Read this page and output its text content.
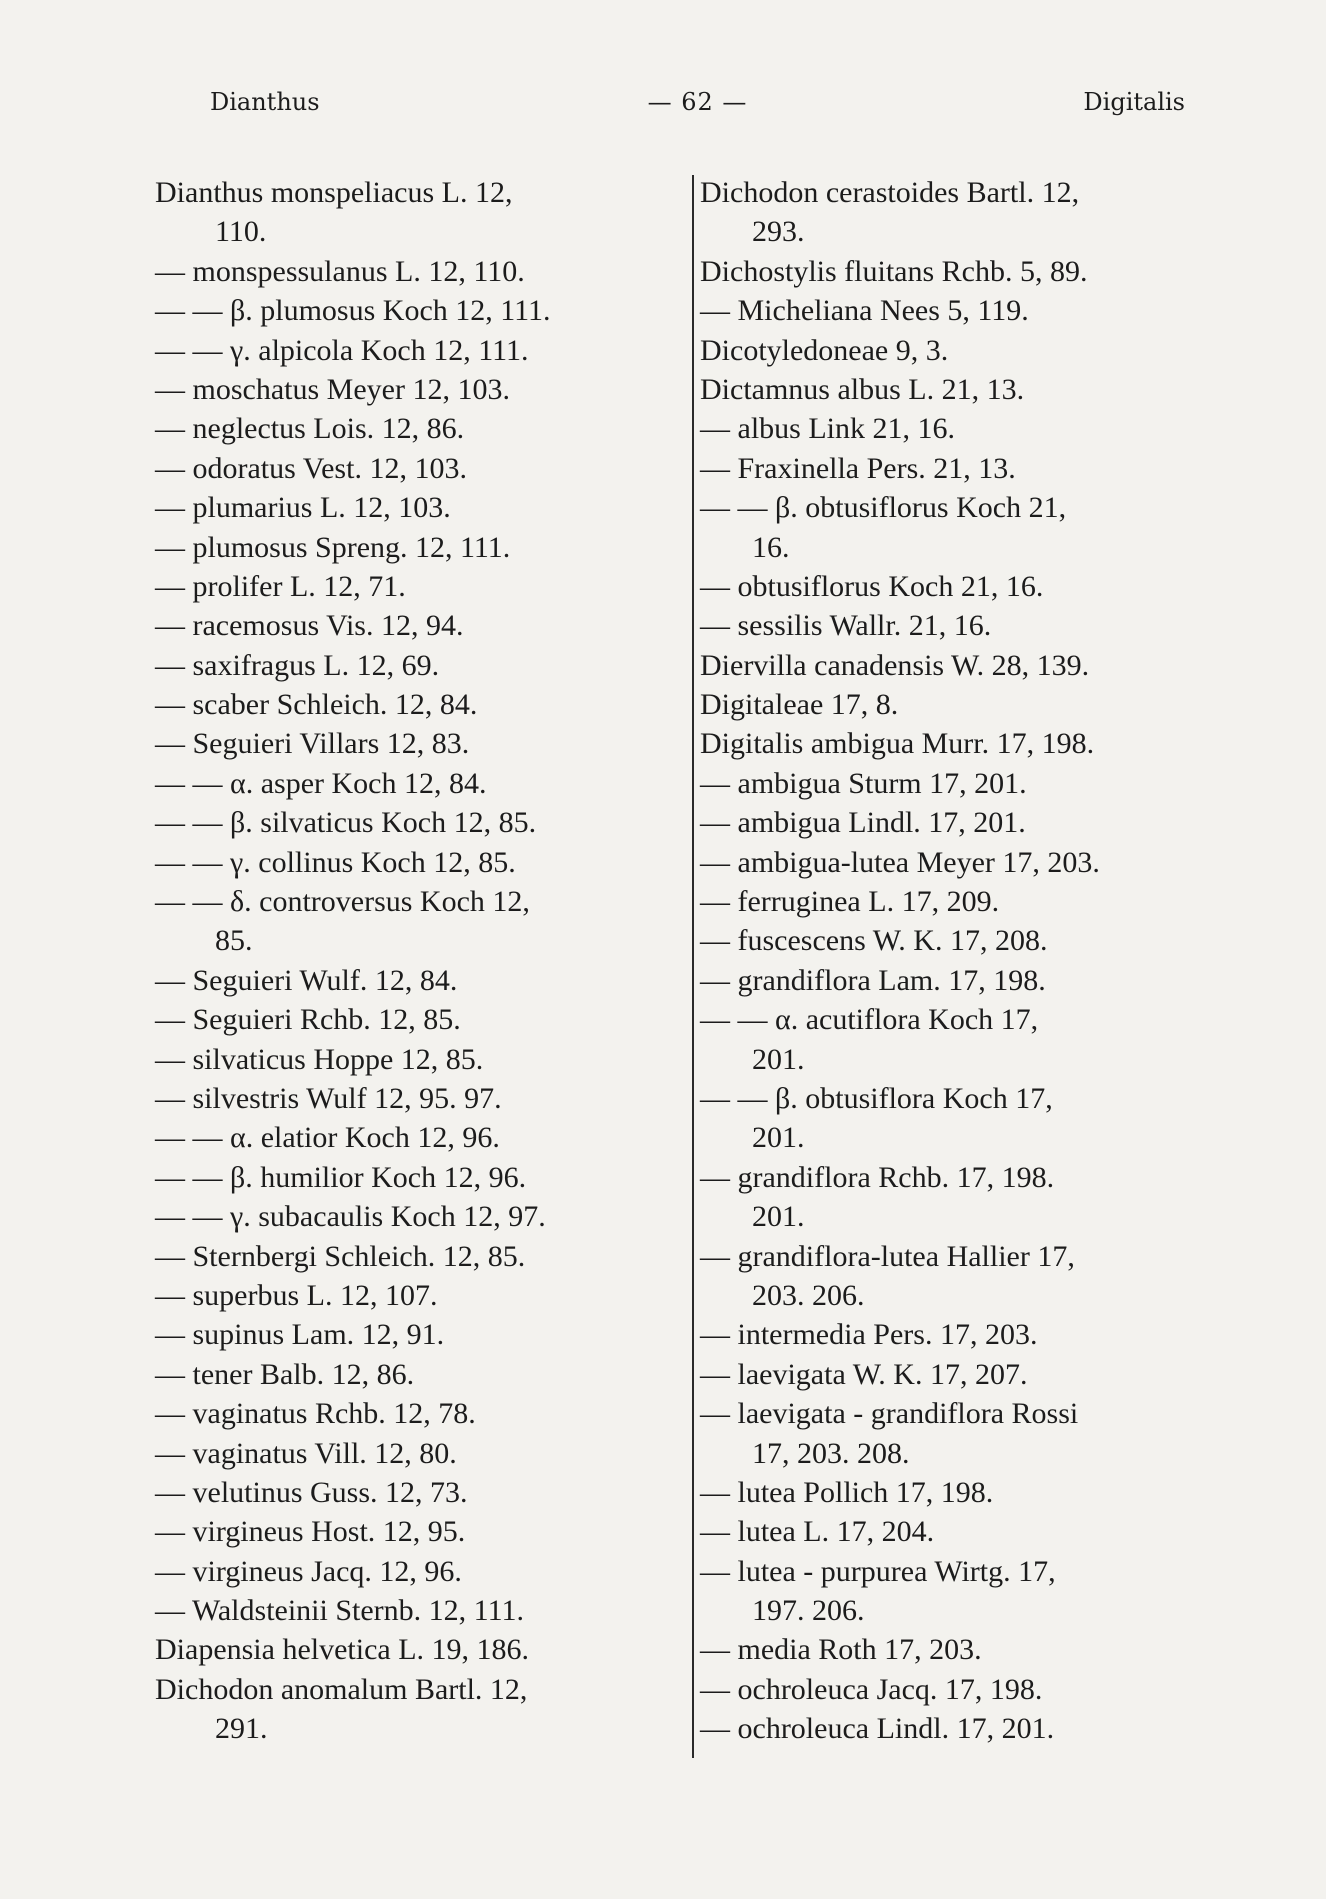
Dianthus	— 62 —	Digitalis
Dianthus monspeliacus L. 12,
110.
— monspessulanus L. 12, 110.
— — β. plumosus Koch 12, 111.
— — γ. alpicola Koch 12, 111.
— moschatus Meyer 12, 103.
— neglectus Lois. 12, 86.
— odoratus Vest. 12, 103.
— plumarius L. 12, 103.
— plumosus Spreng. 12, 111.
— prolifer L. 12, 71.
— racemosus Vis. 12, 94.
— saxifragus L. 12, 69.
— scaber Schleich. 12, 84.
— Seguieri Villars 12, 83.
— — α. asper Koch 12, 84.
— — β. silvaticus Koch 12, 85.
— — γ. collinus Koch 12, 85.
— — δ. controversus Koch 12,
85.
— Seguieri Wulf. 12, 84.
— Seguieri Rchb. 12, 85.
— silvaticus Hoppe 12, 85.
— silvestris Wulf 12, 95. 97.
— — α. elatior Koch 12, 96.
— — β. humilior Koch 12, 96.
— — γ. subacaulis Koch 12, 97.
— Sternbergi Schleich. 12, 85.
— superbus L. 12, 107.
— supinus Lam. 12, 91.
— tener Balb. 12, 86.
— vaginatus Rchb. 12, 78.
— vaginatus Vill. 12, 80.
— velutinus Guss. 12, 73.
— virgineus Host. 12, 95.
— virgineus Jacq. 12, 96.
— Waldsteinii Sternb. 12, 111.
Diapensia helvetica L. 19, 186.
Dichodon anomalum Bartl. 12,
291.
Dichodon cerastoides Bartl. 12,
293.
Dichostylis fluitans Rchb. 5, 89.
— Micheliana Nees 5, 119.
Dicotyledoneae 9, 3.
Dictamnus albus L. 21, 13.
— albus Link 21, 16.
— Fraxinella Pers. 21, 13.
— — β. obtusiflorus Koch 21,
16.
— obtusiflorus Koch 21, 16.
— sessilis Wallr. 21, 16.
Diervilla canadensis W. 28, 139.
Digitaleae 17, 8.
Digitalis ambigua Murr. 17, 198.
— ambigua Sturm 17, 201.
— ambigua Lindl. 17, 201.
— ambigua-lutea Meyer 17, 203.
— ferruginea L. 17, 209.
— fuscescens W. K. 17, 208.
— grandiflora Lam. 17, 198.
— — α. acutiflora Koch 17,
201.
— — β. obtusiflora Koch 17,
201.
— grandiflora Rchb. 17, 198.
201.
— grandiflora-lutea Hallier 17,
203. 206.
— intermedia Pers. 17, 203.
— laevigata W. K. 17, 207.
— laevigata - grandiflora Rossi
17, 203. 208.
— lutea Pollich 17, 198.
— lutea L. 17, 204.
— lutea - purpurea Wirtg. 17,
197. 206.
— media Roth 17, 203.
— ochroleuca Jacq. 17, 198.
— ochroleuca Lindl. 17, 201.
